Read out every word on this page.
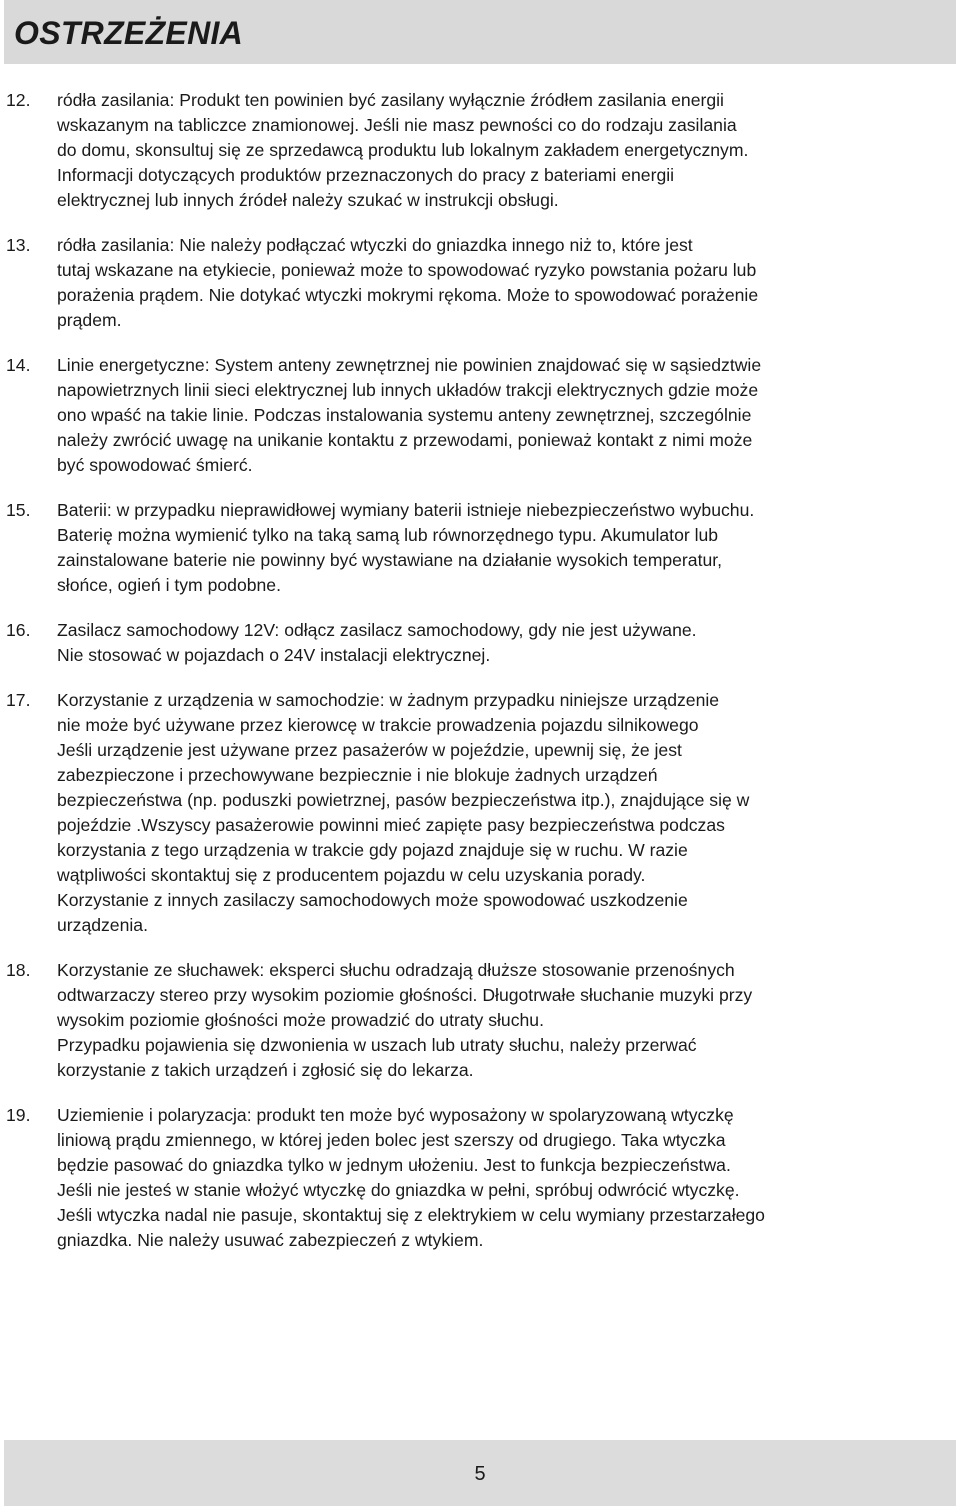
OSTRZEŻENIA
12. ródła zasilania: Produkt ten powinien być zasilany wyłącznie źródłem zasilania energii
wskazanym na tabliczce znamionowej. Jeśli nie masz pewności co do rodzaju zasilania
do domu, skonsultuj się ze sprzedawcą produktu lub lokalnym zakładem energetycznym.
Informacji dotyczących produktów przeznaczonych do pracy z bateriami energii
elektrycznej lub innych źródeł należy szukać w instrukcji obsługi.
13. ródła zasilania: Nie należy podłączać wtyczki do gniazdka innego niż to, które jest
tutaj wskazane na etykiecie, ponieważ może to spowodować ryzyko powstania pożaru lub
porażenia prądem. Nie dotykać wtyczki mokrymi rękoma. Może to spowodować porażenie
prądem.
14. Linie energetyczne: System anteny zewnętrznej nie powinien znajdować się w sąsiedztwie
napowietrznych linii sieci elektrycznej lub innych układów trakcji elektrycznych gdzie może
ono wpaść na takie linie. Podczas instalowania systemu anteny zewnętrznej, szczególnie
należy zwrócić uwagę na unikanie kontaktu z przewodami, ponieważ kontakt z nimi może
być spowodować śmierć.
15. Baterii: w przypadku nieprawidłowej wymiany baterii istnieje niebezpieczeństwo wybuchu.
Baterię można wymienić tylko na taką samą lub równorzędnego typu. Akumulator lub
zainstalowane baterie nie powinny być wystawiane na działanie wysokich temperatur,
słońce, ogień i tym podobne.
16. Zasilacz samochodowy 12V: odłącz zasilacz samochodowy, gdy nie jest używane.
Nie stosować w pojazdach o 24V instalacji elektrycznej.
17. Korzystanie z urządzenia w samochodzie: w żadnym przypadku niniejsze urządzenie
nie może być używane przez kierowcę w trakcie prowadzenia pojazdu silnikowego
Jeśli urządzenie jest używane przez pasażerów w pojeździe, upewnij się, że jest
zabezpieczone i przechowywane bezpiecznie i nie blokuje żadnych urządzeń
bezpieczeństwa (np. poduszki powietrznej, pasów bezpieczeństwa itp.), znajdujące się w
pojeździe .Wszyscy pasażerowie powinni mieć zapięte pasy bezpieczeństwa podczas
korzystania z tego urządzenia w trakcie gdy pojazd znajduje się w ruchu. W razie
wątpliwości skontaktuj się z producentem pojazdu w celu uzyskania porady.
Korzystanie z innych zasilaczy samochodowych może spowodować uszkodzenie
urządzenia.
18. Korzystanie ze słuchawek: eksperci słuchu odradzają dłuższe stosowanie przenośnych
odtwarzaczy stereo przy wysokim poziomie głośności. Długotrwałe słuchanie muzyki przy
wysokim poziomie głośności może prowadzić do utraty słuchu.
Przypadku pojawienia się dzwonienia w uszach lub utraty słuchu, należy przerwać
korzystanie z takich urządzeń i zgłosić się do lekarza.
19. Uziemienie i polaryzacja: produkt ten może być wyposażony w spolaryzowaną wtyczkę
liniową prądu zmiennego, w której jeden bolec jest szerszy od drugiego. Taka wtyczka
będzie pasować do gniazdka tylko w jednym ułożeniu. Jest to funkcja bezpieczeństwa.
Jeśli nie jesteś w stanie włożyć wtyczkę do gniazdka w pełni, spróbuj odwrócić wtyczkę.
Jeśli wtyczka nadal nie pasuje, skontaktuj się z elektrykiem w celu wymiany przestarzałego
gniazdka. Nie należy usuwać zabezpieczeń z wtykiem.
5
